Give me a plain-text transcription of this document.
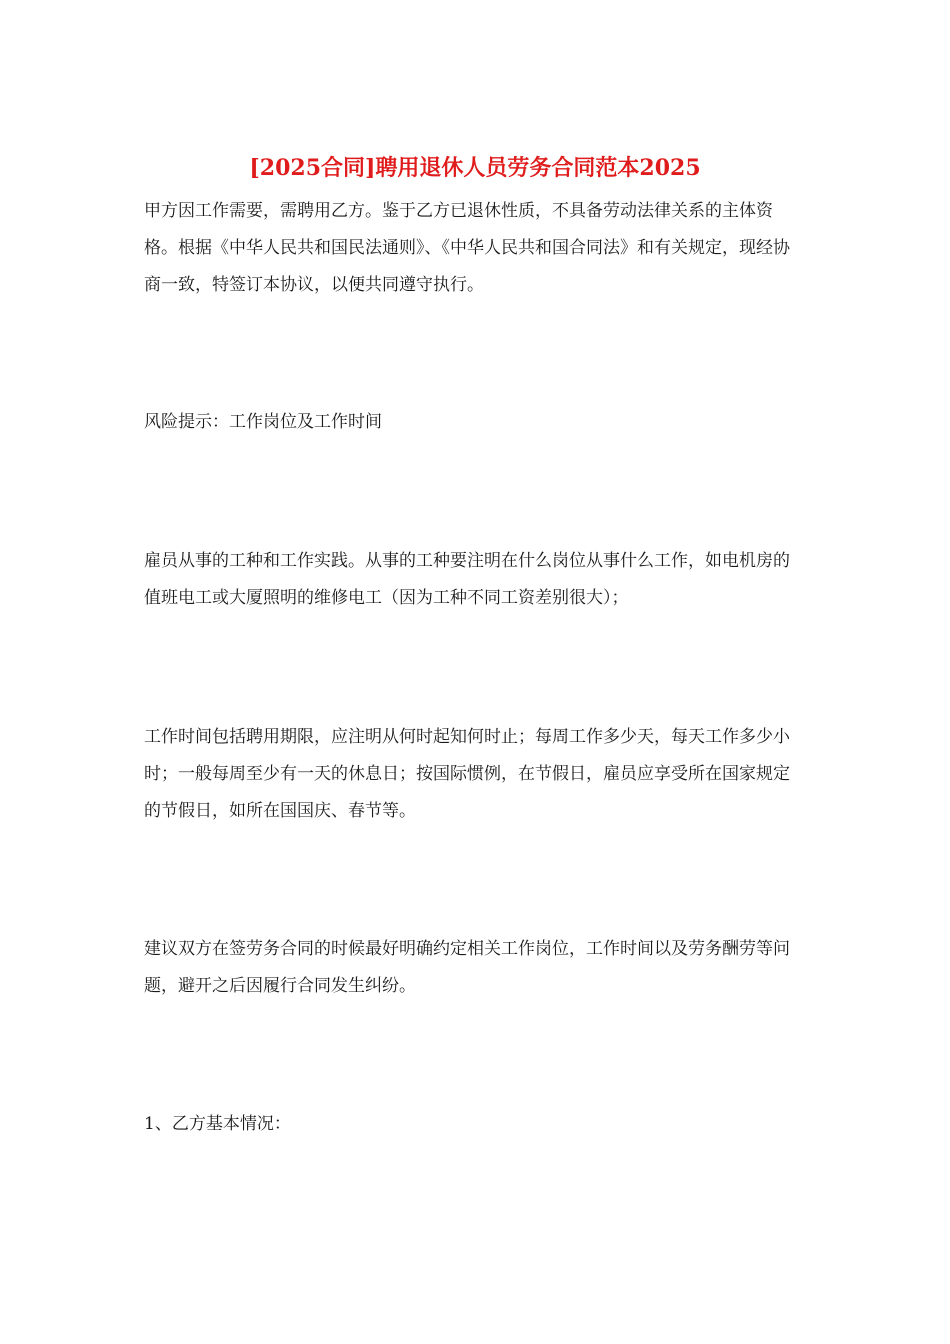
[2025合同]聘用退休人员劳务合同范本2025

甲方因工作需要，需聘用乙方。鉴于乙方已退休性质，不具备劳动法律关系的主体资格。根据《中华人民共和国民法通则》、《中华人民共和国合同法》和有关规定，现经协商一致，特签订本协议，以便共同遵守执行。

风险提示：工作岗位及工作时间

雇员从事的工种和工作实践。从事的工种要注明在什么岗位从事什么工作，如电机房的值班电工或大厦照明的维修电工（因为工种不同工资差别很大）；

工作时间包括聘用期限，应注明从何时起知何时止；每周工作多少天，每天工作多少小时；一般每周至少有一天的休息日；按国际惯例，在节假日，雇员应享受所在国家规定的节假日，如所在国国庆、春节等。

建议双方在签劳务合同的时候最好明确约定相关工作岗位，工作时间以及劳务酬劳等问题，避开之后因履行合同发生纠纷。

1、乙方基本情况：
